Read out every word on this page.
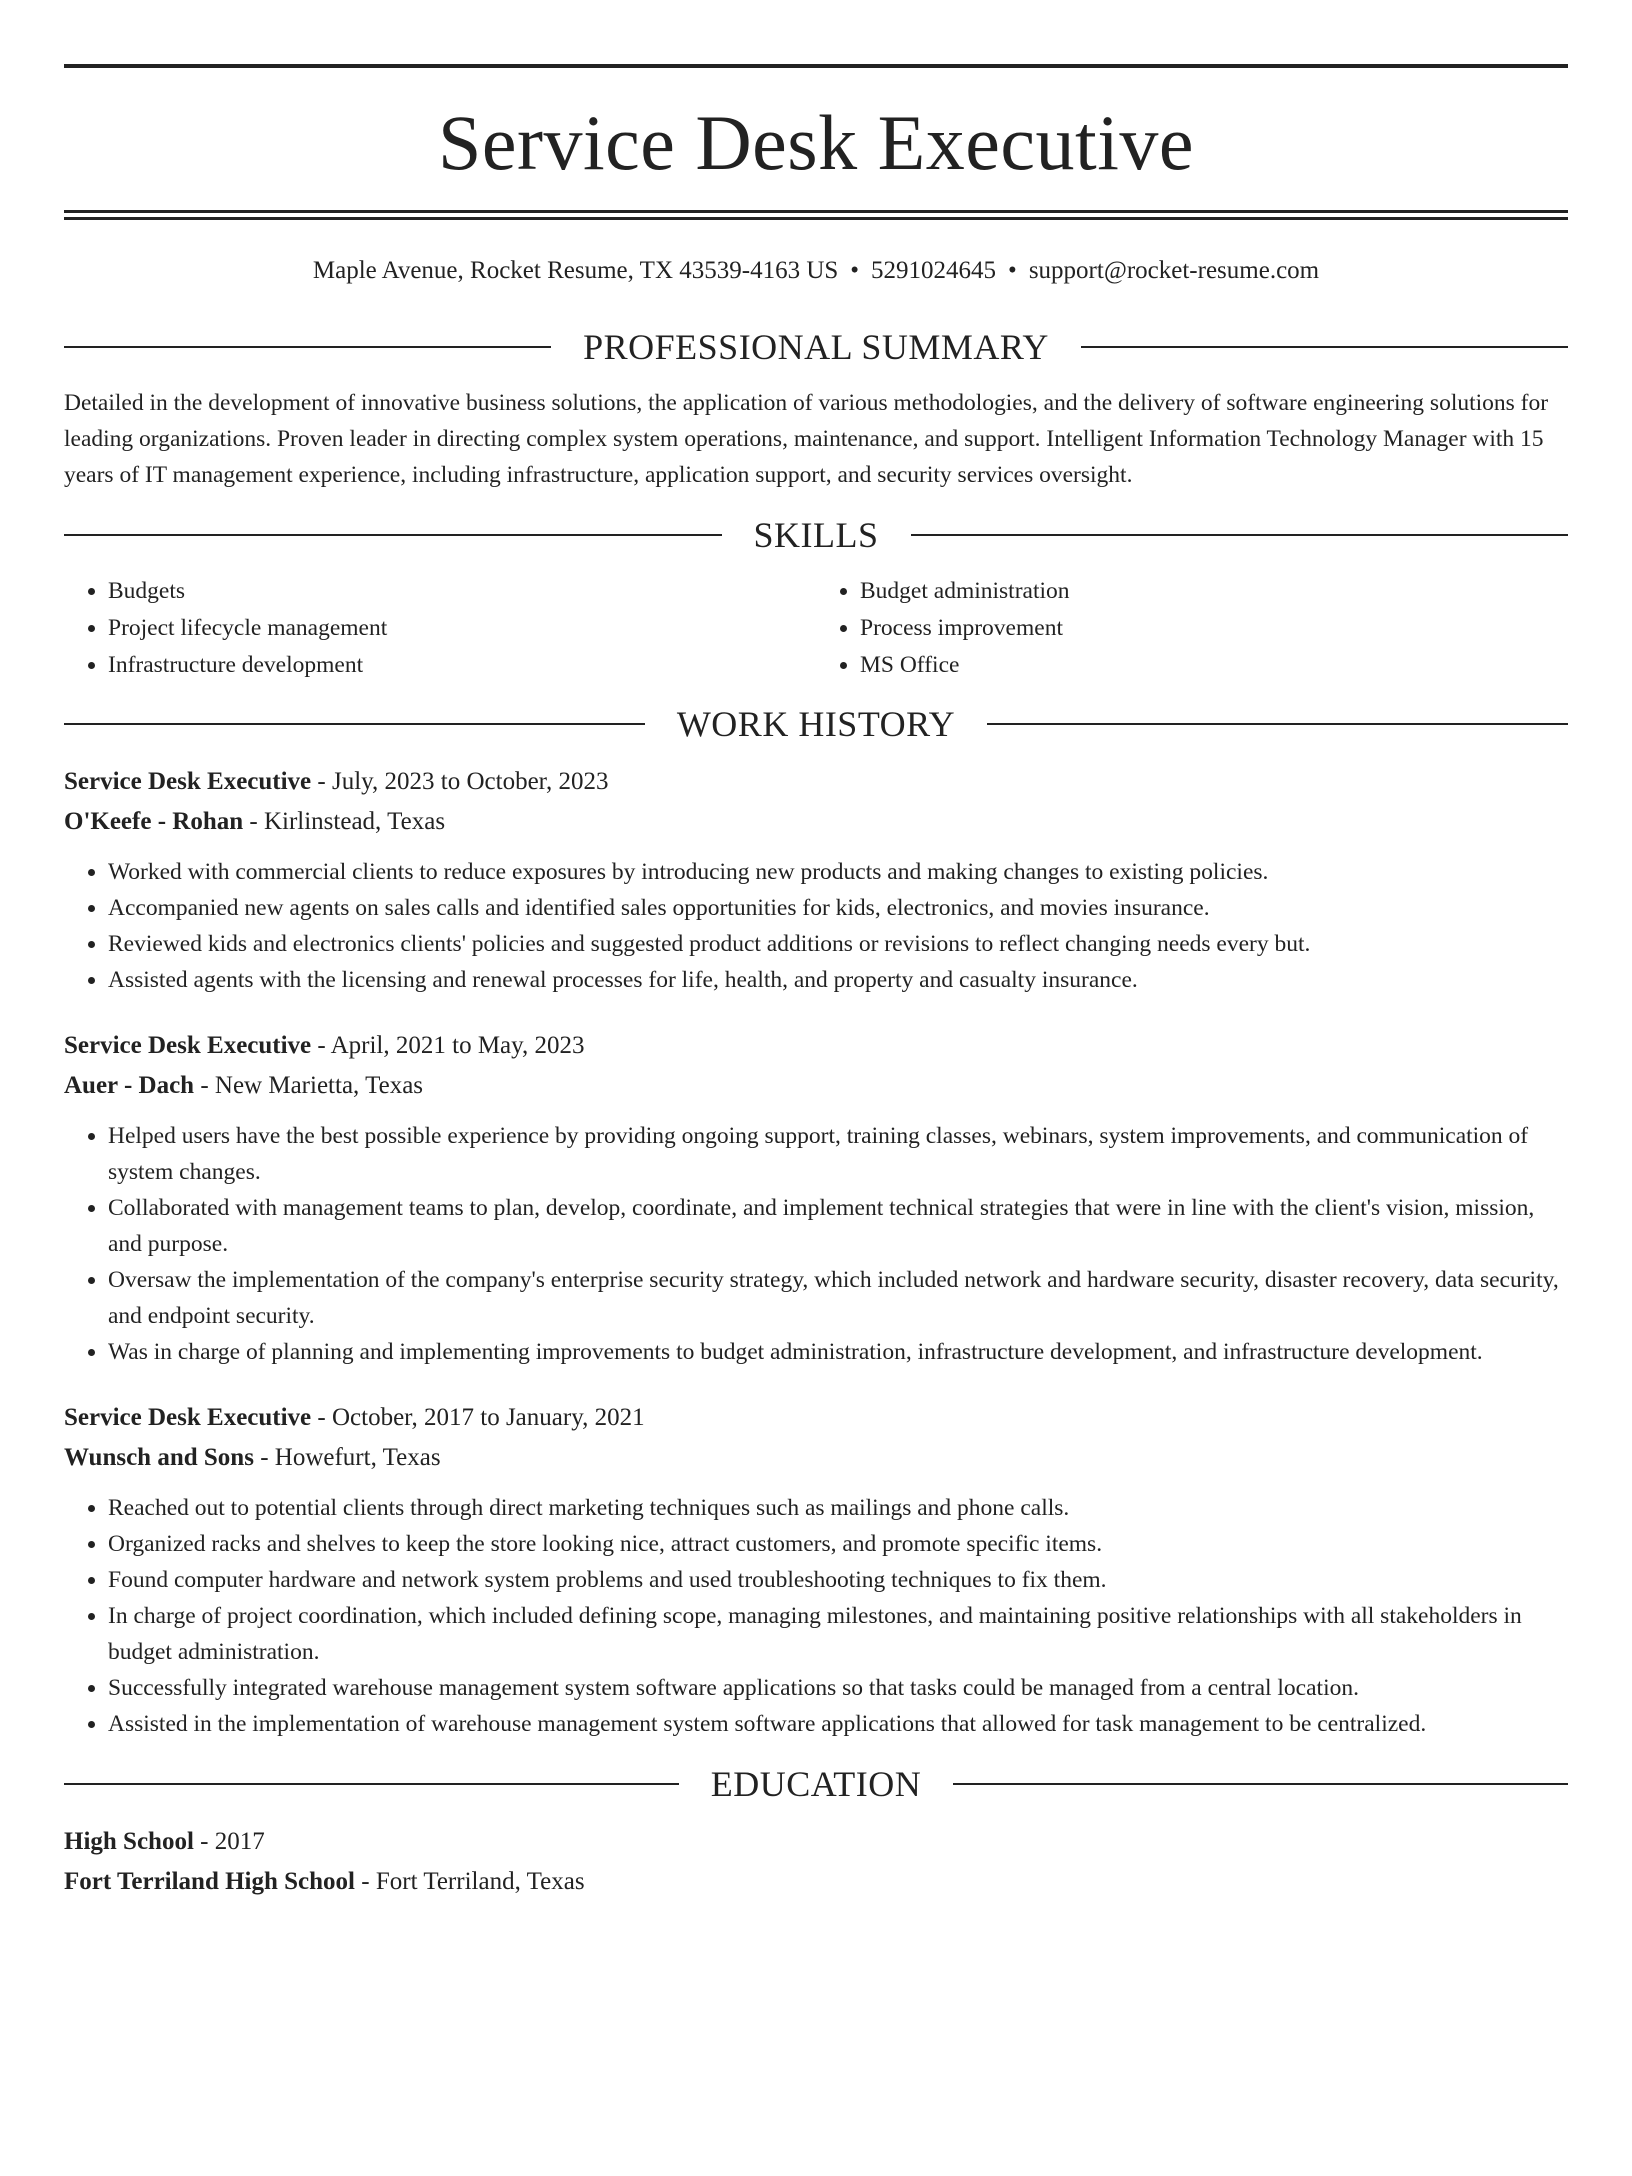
Service Desk Executive
Maple Avenue, Rocket Resume, TX 43539-4163 US • 5291024645 • support@rocket-resume.com
PROFESSIONAL SUMMARY
Detailed in the development of innovative business solutions, the application of various methodologies, and the delivery of software engineering solutions for leading organizations. Proven leader in directing complex system operations, maintenance, and support. Intelligent Information Technology Manager with 15 years of IT management experience, including infrastructure, application support, and security services oversight.
SKILLS
• Budgets
• Project lifecycle management
• Infrastructure development
• Budget administration
• Process improvement
• MS Office
WORK HISTORY
Service Desk Executive - July, 2023 to October, 2023
O'Keefe - Rohan - Kirlinstead, Texas
• Worked with commercial clients to reduce exposures by introducing new products and making changes to existing policies.
• Accompanied new agents on sales calls and identified sales opportunities for kids, electronics, and movies insurance.
• Reviewed kids and electronics clients' policies and suggested product additions or revisions to reflect changing needs every but.
• Assisted agents with the licensing and renewal processes for life, health, and property and casualty insurance.
Service Desk Executive - April, 2021 to May, 2023
Auer - Dach - New Marietta, Texas
• Helped users have the best possible experience by providing ongoing support, training classes, webinars, system improvements, and communication of system changes.
• Collaborated with management teams to plan, develop, coordinate, and implement technical strategies that were in line with the client's vision, mission, and purpose.
• Oversaw the implementation of the company's enterprise security strategy, which included network and hardware security, disaster recovery, data security, and endpoint security.
• Was in charge of planning and implementing improvements to budget administration, infrastructure development, and infrastructure development.
Service Desk Executive - October, 2017 to January, 2021
Wunsch and Sons - Howefurt, Texas
• Reached out to potential clients through direct marketing techniques such as mailings and phone calls.
• Organized racks and shelves to keep the store looking nice, attract customers, and promote specific items.
• Found computer hardware and network system problems and used troubleshooting techniques to fix them.
• In charge of project coordination, which included defining scope, managing milestones, and maintaining positive relationships with all stakeholders in budget administration.
• Successfully integrated warehouse management system software applications so that tasks could be managed from a central location.
• Assisted in the implementation of warehouse management system software applications that allowed for task management to be centralized.
EDUCATION
High School - 2017
Fort Terriland High School - Fort Terriland, Texas
